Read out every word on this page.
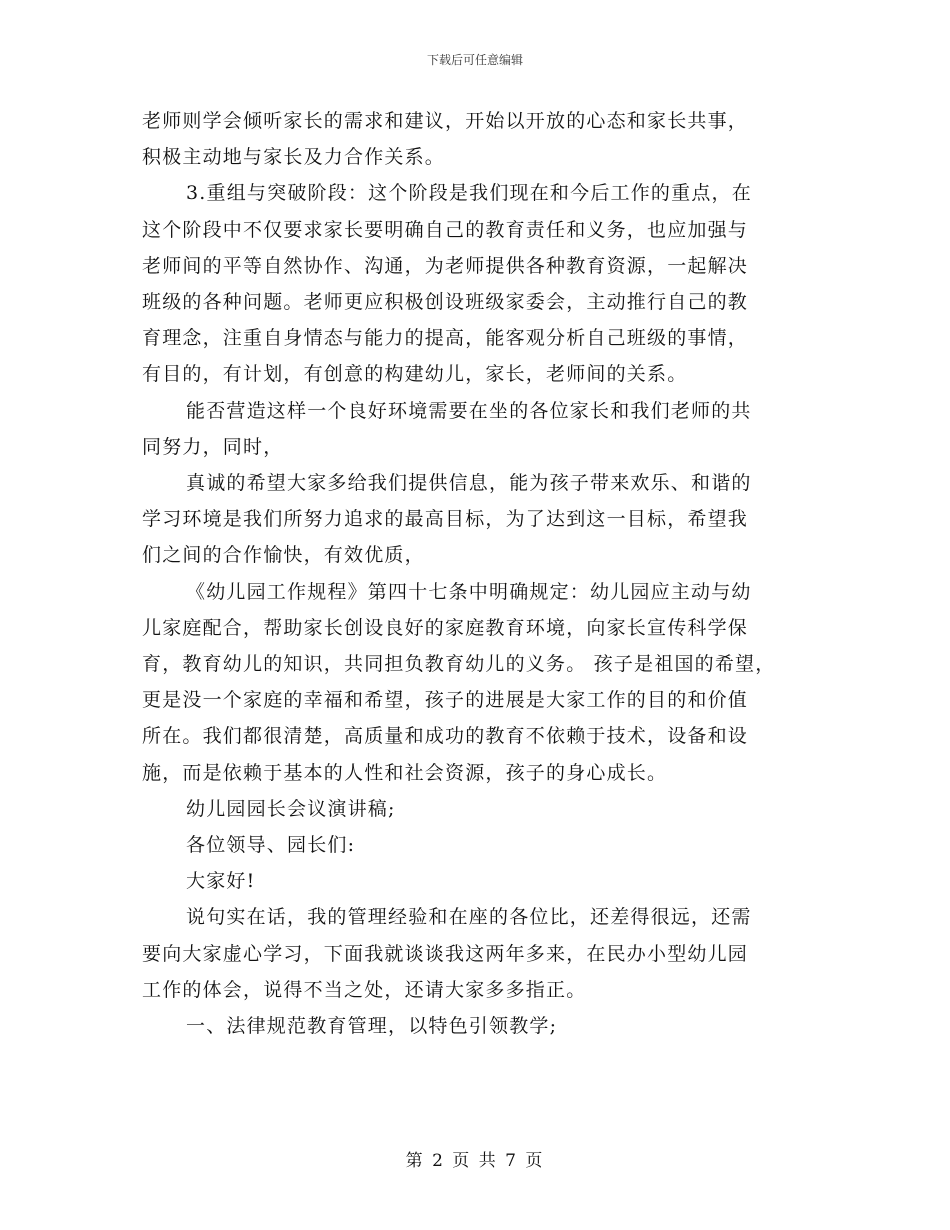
下载后可任意编辑
老师则学会倾听家长的需求和建议，开始以开放的心态和家长共事，
积极主动地与家长及力合作关系。
3.重组与突破阶段：这个阶段是我们现在和今后工作的重点，在
这个阶段中不仅要求家长要明确自己的教育责任和义务，也应加强与
老师间的平等自然协作、沟通，为老师提供各种教育资源，一起解决
班级的各种问题。老师更应积极创设班级家委会，主动推行自己的教
育理念，注重自身情态与能力的提高，能客观分析自己班级的事情，
有目的，有计划，有创意的构建幼儿，家长，老师间的关系。
能否营造这样一个良好环境需要在坐的各位家长和我们老师的共
同努力，同时，
真诚的希望大家多给我们提供信息，能为孩子带来欢乐、和谐的
学习环境是我们所努力追求的最高目标，为了达到这一目标，希望我
们之间的合作愉快，有效优质，
《幼儿园工作规程》第四十七条中明确规定：幼儿园应主动与幼
儿家庭配合，帮助家长创设良好的家庭教育环境，向家长宣传科学保
育，教育幼儿的知识，共同担负教育幼儿的义务。 孩子是祖国的希望，
更是没一个家庭的幸福和希望，孩子的进展是大家工作的目的和价值
所在。我们都很清楚，高质量和成功的教育不依赖于技术，设备和设
施，而是依赖于基本的人性和社会资源，孩子的身心成长。
幼儿园园长会议演讲稿;
各位领导、园长们:
大家好!
说句实在话，我的管理经验和在座的各位比，还差得很远，还需
要向大家虚心学习，下面我就谈谈我这两年多来，在民办小型幼儿园
工作的体会，说得不当之处，还请大家多多指正。
一、法律规范教育管理，以特色引领教学;
第 2 页 共 7 页
